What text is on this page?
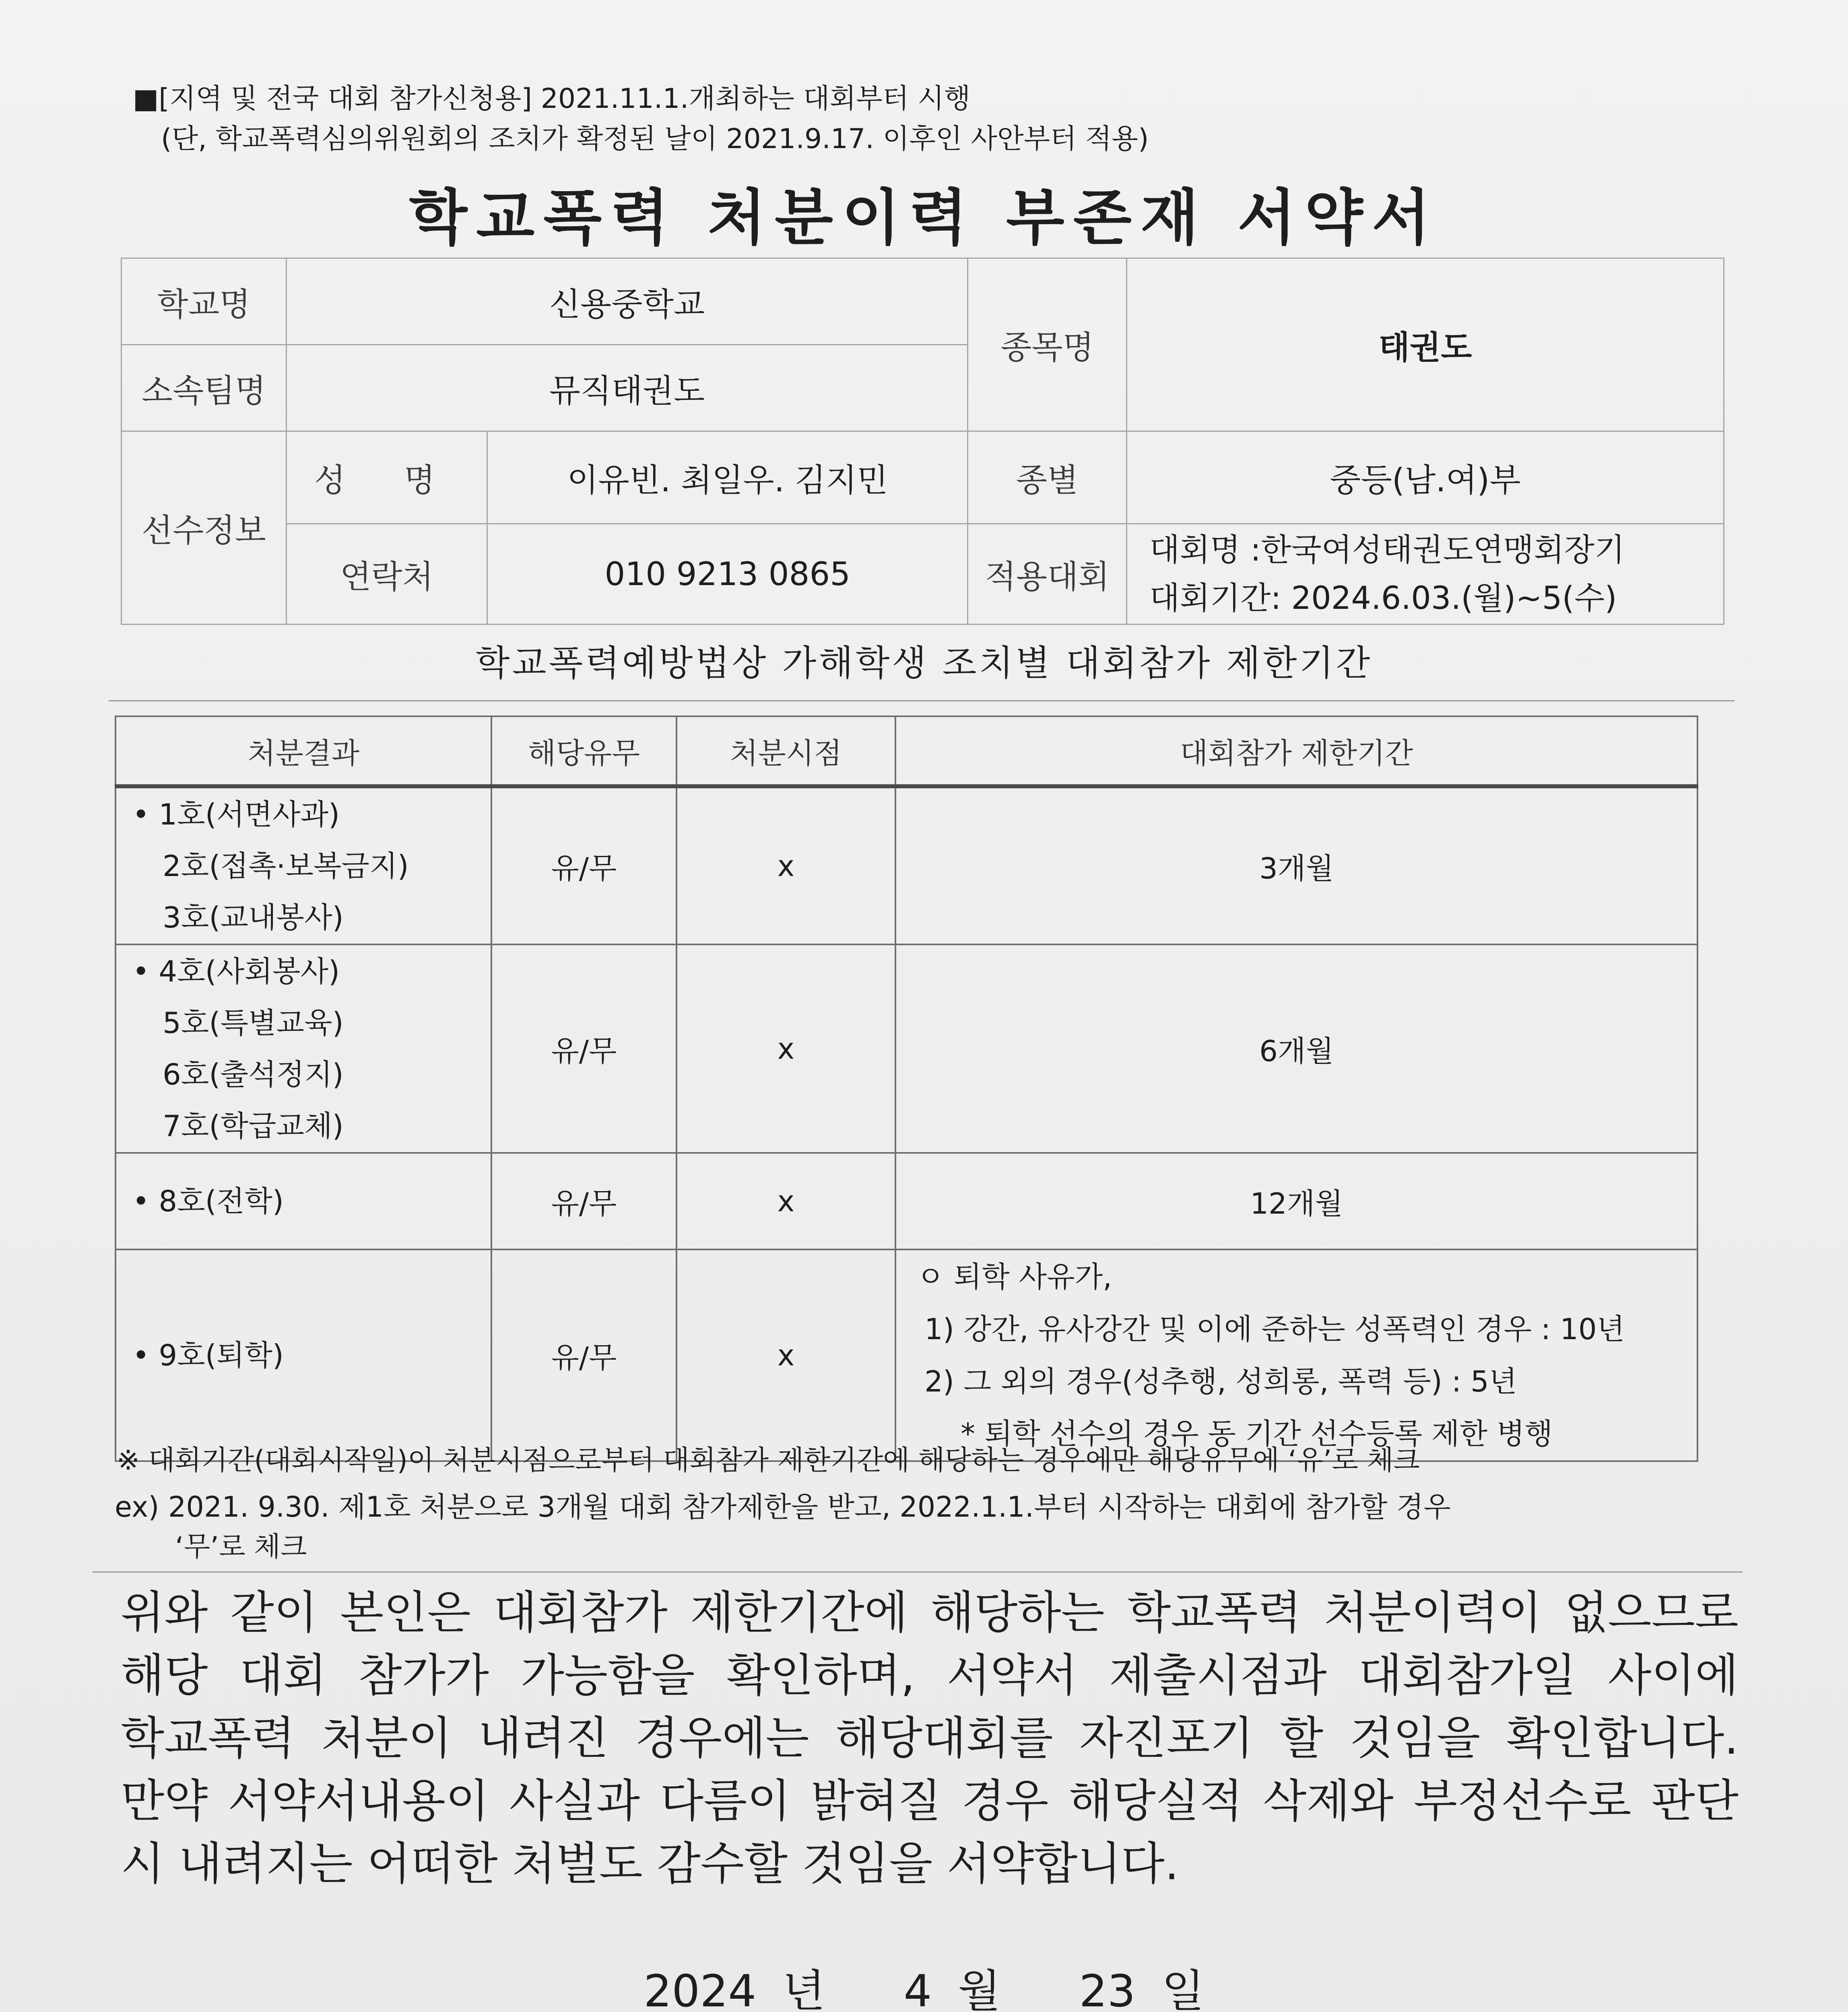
■[지역 및 전국 대회 참가신청용] 2021.11.1.개최하는 대회부터 시행
(단, 학교폭력심의위원회의 조치가 확정된 날이 2021.9.17. 이후인 사안부터 적용)
학교폭력 처분이력 부존재 서약서
학교명	신용중학교		종목명	태권도
소속팀명	뮤직태권도			
선수정보	성 명	이유빈. 최일우. 김지민	종별	중등(남.여)부
	연락처	010 9213 0865	적용대회	대회명 :한국여성태권도연맹회장기
대회기간: 2024.6.03.(월)~5(수)
학교폭력예방법상 가해학생 조치별 대회참가 제한기간
처분결과	해당유무	처분시점	대회참가 제한기간

• 1호(서면사과)
2호(접촉·보복금지)
3호(교내봉사)	유/무	x	3개월

• 4호(사회봉사)
5호(특별교육)
6호(출석정지)
7호(학급교체)	유/무	x	6개월

• 8호(전학)	유/무	x	12개월

• 9호(퇴학)	유/무	x	ㅇ 퇴학 사유가,
1) 강간, 유사강간 및 이에 준하는 성폭력인 경우 : 10년
2) 그 외의 경우(성추행, 성희롱, 폭력 등) : 5년
* 퇴학 선수의 경우 동 기간 선수등록 제한 병행
※ 대회기간(대회시작일)이 처분시점으로부터 대회참가 제한기간에 해당하는 경우에만 해당유무에 ‘유’로 체크
ex) 2021. 9.30. 제1호 처분으로 3개월 대회 참가제한을 받고, 2022.1.1.부터 시작하는 대회에 참가할 경우
‘무’로 체크
위와 같이 본인은 대회참가 제한기간에 해당하는 학교폭력 처분이력이 없으므로 해당 대회 참가가 가능함을 확인하며, 서약서 제출시점과 대회참가일 사이에 학교폭력 처분이 내려진 경우에는 해당대회를 자진포기 할 것임을 확인합니다. 만약 서약서내용이 사실과 다름이 밝혀질 경우 해당실적 삭제와 부정선수로 판단 시 내려지는 어떠한 처벌도 감수할 것임을 서약합니다.
2024 년 4 월 23 일
